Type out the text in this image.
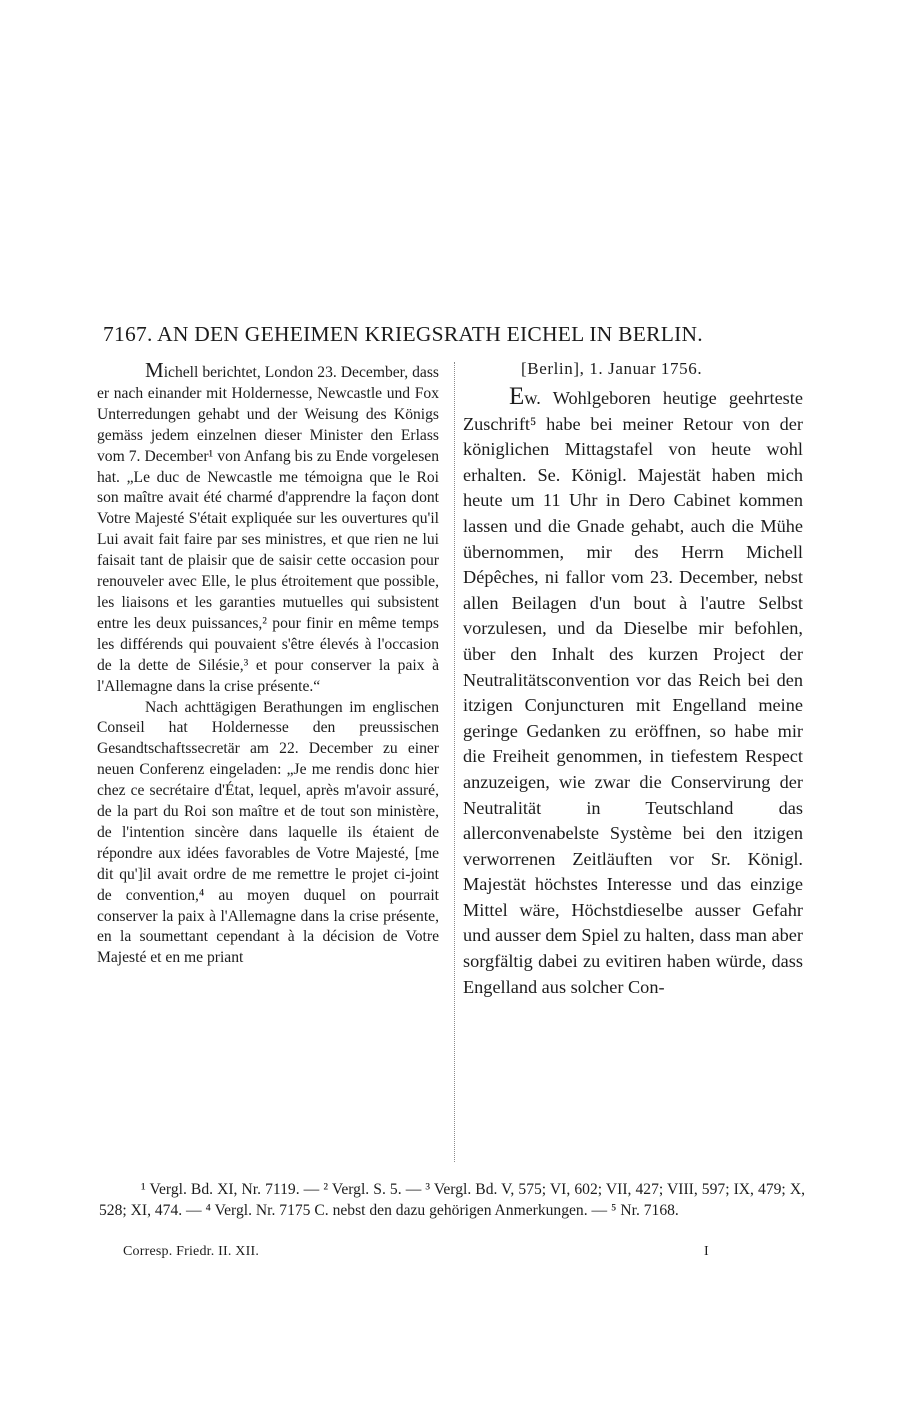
7167. AN DEN GEHEIMEN KRIEGSRATH EICHEL IN BERLIN.

Michell berichtet, London 23. December, dass er nach einander mit Holdernesse, Newcastle und Fox Unterredungen gehabt und der Weisung des Königs gemäss jedem einzelnen dieser Minister den Erlass vom 7. December¹ von Anfang bis zu Ende vorgelesen hat. „Le duc de Newcastle me témoigna que le Roi son maître avait été charmé d'apprendre la façon dont Votre Majesté S'était expliquée sur les ouvertures qu'il Lui avait fait faire par ses ministres, et que rien ne lui faisait tant de plaisir que de saisir cette occasion pour renouveler avec Elle, le plus étroitement que possible, les liaisons et les garanties mutuelles qui subsistent entre les deux puissances,² pour finir en même temps les différends qui pouvaient s'être élevés à l'occasion de la dette de Silésie,³ et pour conserver la paix à l'Allemagne dans la crise présente.“

Nach achttägigen Berathungen im englischen Conseil hat Holdernesse den preussischen Gesandtschaftssecretär am 22. December zu einer neuen Conferenz eingeladen: „Je me rendis donc hier chez ce secrétaire d'État, lequel, après m'avoir assuré, de la part du Roi son maître et de tout son ministère, de l'intention sincère dans laquelle ils étaient de répondre aux idées favorables de Votre Majesté, [me dit qu']il avait ordre de me remettre le projet ci-joint de convention,⁴ au moyen duquel on pourrait conserver la paix à l'Allemagne dans la crise présente, en la soumettant cependant à la décision de Votre Majesté et en me priant

[Berlin], 1. Januar 1756.

Ew. Wohlgeboren heutige geehrteste Zuschrift⁵ habe bei meiner Retour von der königlichen Mittagstafel von heute wohl erhalten. Se. Königl. Majestät haben mich heute um 11 Uhr in Dero Cabinet kommen lassen und die Gnade gehabt, auch die Mühe übernommen, mir des Herrn Michell Dépêches, ni fallor vom 23. December, nebst allen Beilagen d'un bout à l'autre Selbst vorzulesen, und da Dieselbe mir befohlen, über den Inhalt des kurzen Project der Neutralitätsconvention vor das Reich bei den itzigen Conjuncturen mit Engelland meine geringe Gedanken zu eröffnen, so habe mir die Freiheit genommen, in tiefestem Respect anzuzeigen, wie zwar die Conservirung der Neutralität in Teutschland das allerconvenabelste Système bei den itzigen verworrenen Zeitläuften vor Sr. Königl. Majestät höchstes Interesse und das einzige Mittel wäre, Höchstdieselbe ausser Gefahr und ausser dem Spiel zu halten, dass man aber sorgfältig dabei zu evitiren haben würde, dass Engelland aus solcher Con-

¹ Vergl. Bd. XI, Nr. 7119. — ² Vergl. S. 5. — ³ Vergl. Bd. V, 575; VI, 602; VII, 427; VIII, 597; IX, 479; X, 528; XI, 474. — ⁴ Vergl. Nr. 7175 C. nebst den dazu gehörigen Anmerkungen. — ⁵ Nr. 7168.

Corresp. Friedr. II. XII.	I
